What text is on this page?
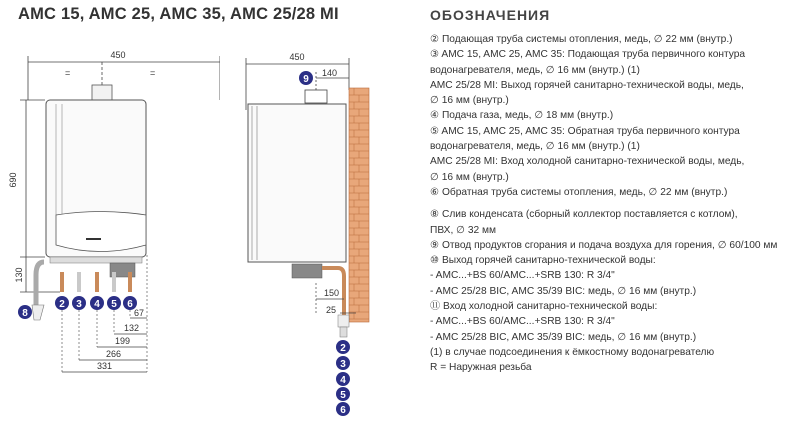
AMC 15, AMC 25, AMC 35, AMC 25/28 MI	ОБОЗНАЧЕНИЯ
② Подающая труба системы отопления, медь, ∅ 22 мм (внутр.)
③ AMC 15, AMC 25, AMC 35: Подающая труба первичного контура
водонагревателя, медь, ∅ 16 мм (внутр.) (1)
AMC 25/28 MI: Выход горячей санитарно-технической воды, медь,
∅ 16 мм (внутр.)
④ Подача газа, медь, ∅ 18 мм (внутр.)
⑤ AMC 15, AMC 25, AMC 35: Обратная труба первичного контура
водонагревателя, медь, ∅ 16 мм (внутр.) (1)
AMC 25/28 MI: Вход холодной санитарно-технической воды, медь,
∅ 16 мм (внутр.)
⑥ Обратная труба системы отопления, медь, ∅ 22 мм (внутр.)
⑧ Слив конденсата (сборный коллектор поставляется с котлом),
ПВХ, ∅ 32 мм
⑨ Отвод продуктов сгорания и подача воздуха для горения, ∅ 60/100 мм
⑩ Выход горячей санитарно-технической воды:
- AMC...+BS 60/AMC...+SRB 130: R 3/4"
- AMC 25/28 BIC, AMC 35/39 BIC: медь, ∅ 16 мм (внутр.)
⑪ Вход холодной санитарно-технической воды:
- AMC...+BS 60/AMC...+SRB 130: R 3/4"
- AMC 25/28 BIC, AMC 35/39 BIC: медь, ∅ 16 мм (внутр.)
(1) в случае подсоединения к ёмкостному водонагревателю
R = Наружная резьба
450
=	=
690
130
67
132
199
266
331
2 3 4 5 6
8
450
140
9
150
25
2
3
4
5
6
